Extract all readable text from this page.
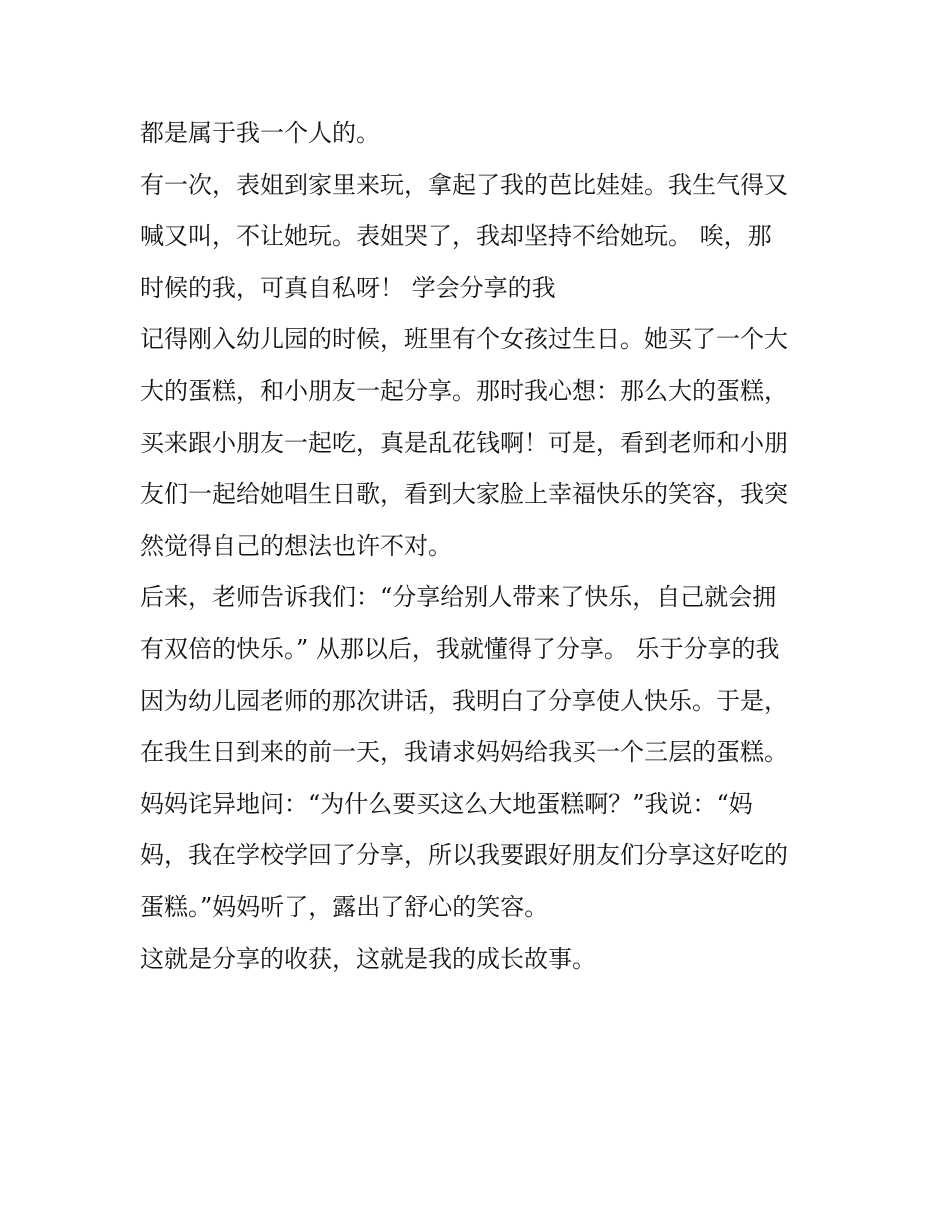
都是属于我一个人的。
有一次，表姐到家里来玩，拿起了我的芭比娃娃。我生气得又
喊又叫，不让她玩。表姐哭了，我却坚持不给她玩。 唉，那
时候的我，可真自私呀！ 学会分享的我
记得刚入幼儿园的时候，班里有个女孩过生日。她买了一个大
大的蛋糕，和小朋友一起分享。那时我心想：那么大的蛋糕，
买来跟小朋友一起吃，真是乱花钱啊！可是，看到老师和小朋
友们一起给她唱生日歌，看到大家脸上幸福快乐的笑容，我突
然觉得自己的想法也许不对。
后来，老师告诉我们：“分享给别人带来了快乐，自己就会拥
有双倍的快乐。” 从那以后，我就懂得了分享。 乐于分享的我
因为幼儿园老师的那次讲话，我明白了分享使人快乐。于是，
在我生日到来的前一天，我请求妈妈给我买一个三层的蛋糕。
妈妈诧异地问：“为什么要买这么大地蛋糕啊？”我说：“妈
妈，我在学校学回了分享，所以我要跟好朋友们分享这好吃的
蛋糕。”妈妈听了，露出了舒心的笑容。
这就是分享的收获，这就是我的成长故事。
